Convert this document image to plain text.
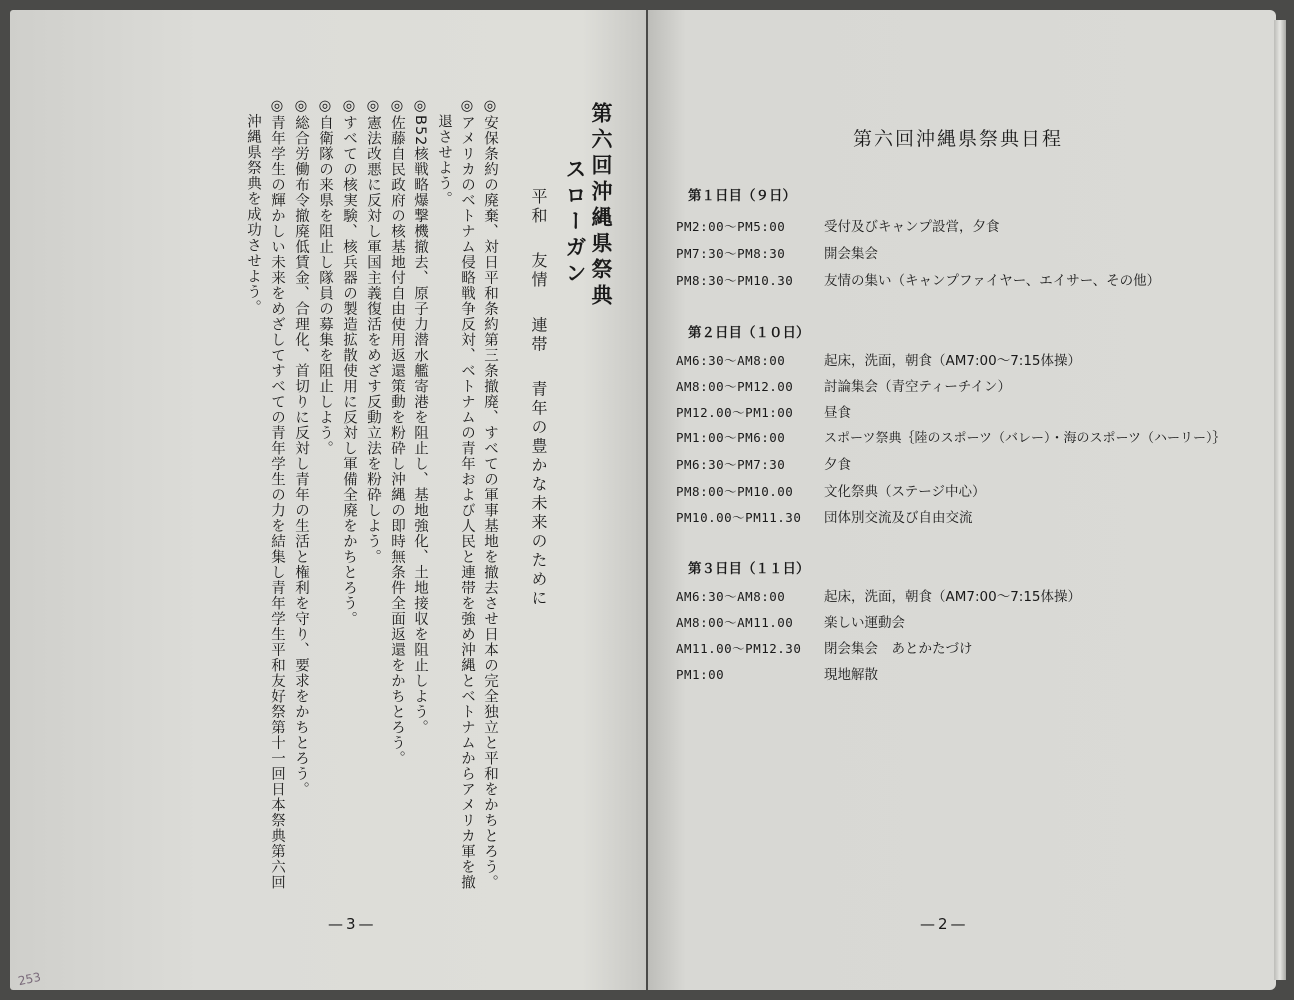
第六回沖縄県祭典
スローガン
平和 友情 連帯 青年の豊かな未来のために
◎安保条約の廃棄、対日平和条約第三条撤廃、すべての軍事基地を撤去させ日本の完全独立と平和をかちとろう。
◎アメリカのベトナム侵略戦争反対、ベトナムの青年および人民と連帯を強め沖縄とベトナムからアメリカ軍を撤
　退させよう。
◎B52核戦略爆撃機撤去、原子力潜水艦寄港を阻止し、基地強化、土地接収を阻止しよう。
◎佐藤自民政府の核基地付自由使用返還策動を粉砕し沖縄の即時無条件全面返還をかちとろう。
◎憲法改悪に反対し軍国主義復活をめざす反動立法を粉砕しよう。
◎すべての核実験、核兵器の製造拡散使用に反対し軍備全廃をかちとろう。
◎自衛隊の来県を阻止し隊員の募集を阻止しよう。
◎総合労働布令撤廃低賃金、合理化、首切りに反対し青年の生活と権利を守り、要求をかちとろう。
◎青年学生の輝かしい未来をめざしてすべての青年学生の力を結集し青年学生平和友好祭第十一回日本祭典第六回
　沖縄県祭典を成功させよう。
—3—
253
第六回沖縄県祭典日程
第１日目（９日）
PM2:00〜PM5:00	受付及びキャンプ設営，夕食
PM7:30〜PM8:30	開会集会
PM8:30〜PM10.30 友情の集い（キャンプファイヤー、エイサー、その他）
第２日目（１０日）
AM6:30〜AM8:00	起床，洗面，朝食（AM7:00〜7:15体操）
AM8:00〜PM12.00 討論集会（青空ティーチイン）
PM12.00〜PM1:00 昼食
PM1:00〜PM6:00	スポーツ祭典｛陸のスポーツ（バレー）・海のスポーツ（ハーリー）｝
PM6:30〜PM7:30	夕食
PM8:00〜PM10.00 文化祭典（ステージ中心）
PM10.00〜PM11.30 団体別交流及び自由交流
第３日目（１１日）
AM6:30〜AM8:00	起床，洗面，朝食（AM7:00〜7:15体操）
AM8:00〜AM11.00 楽しい運動会
AM11.00〜PM12.30 閉会集会　あとかたづけ
PM1:00	現地解散
—2—
